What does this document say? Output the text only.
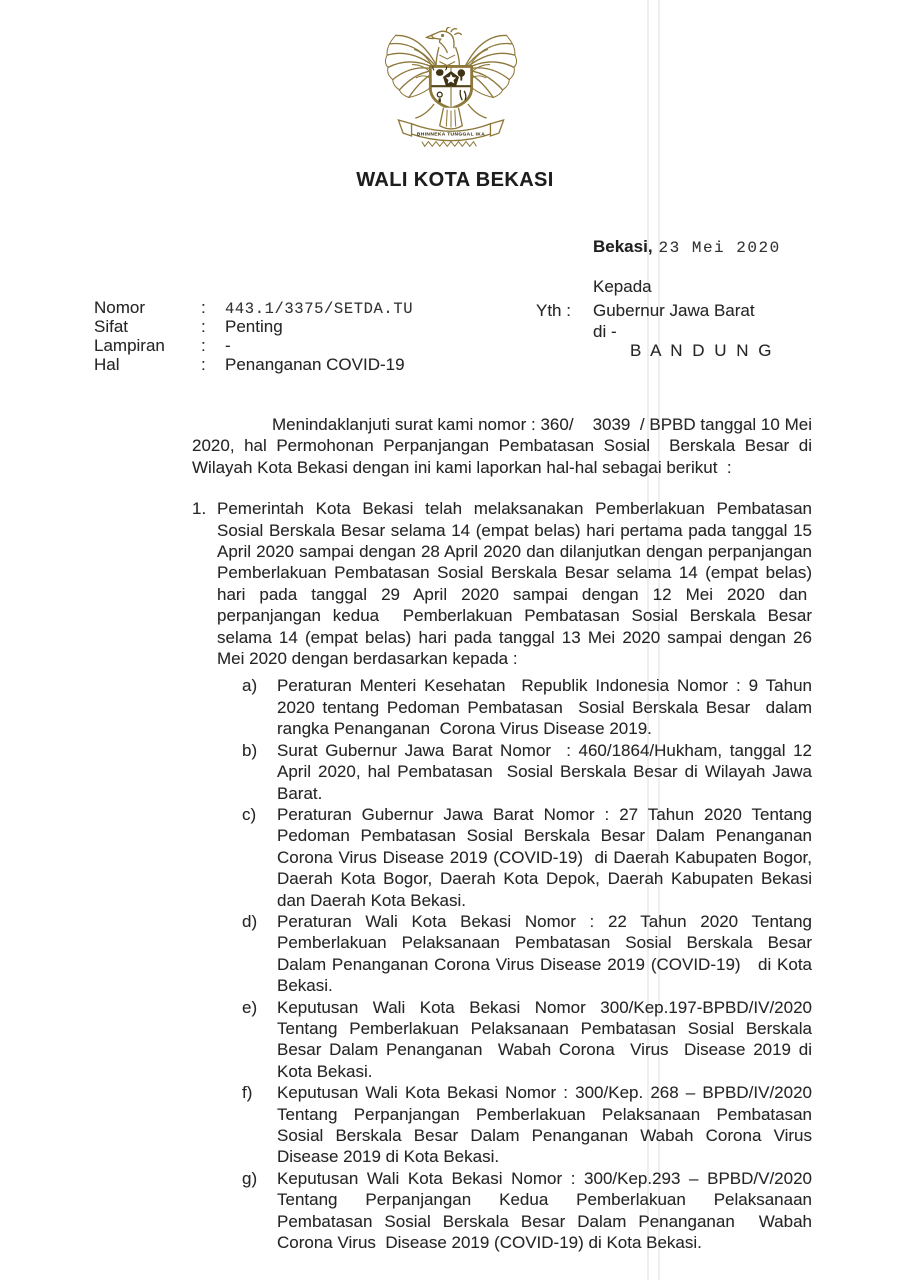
BHINNEKA TUNGGAL IKA
WALI KOTA BEKASI
Bekasi, 23 Mei 2020
Kepada
Yth : Gubernur Jawa Barat
di -
B A N D U N G
Nomor	: 443.1/3375/SETDA.TU
Sifat	: Penting
Lampiran : -
Hal	: Penanganan COVID-19

Menindaklanjuti surat kami nomor : 360/    3039  / BPBD tanggal 10 Mei 2020, hal Permohonan Perpanjangan Pembatasan Sosial  Berskala Besar di Wilayah Kota Bekasi dengan ini kami laporkan hal-hal sebagai berikut  :

1. Pemerintah Kota Bekasi telah melaksanakan Pemberlakuan Pembatasan Sosial Berskala Besar selama 14 (empat belas) hari pertama pada tanggal 15 April 2020 sampai dengan 28 April 2020 dan dilanjutkan dengan perpanjangan Pemberlakuan Pembatasan Sosial Berskala Besar selama 14 (empat belas) hari pada tanggal 29 April 2020 sampai dengan 12 Mei 2020 dan  perpanjangan kedua  Pemberlakuan Pembatasan Sosial Berskala Besar selama 14 (empat belas) hari pada tanggal 13 Mei 2020 sampai dengan 26 Mei 2020 dengan berdasarkan kepada :
a)	Peraturan Menteri Kesehatan  Republik Indonesia Nomor : 9 Tahun 2020 tentang Pedoman Pembatasan  Sosial Berskala Besar  dalam rangka Penanganan  Corona Virus Disease 2019.
b)	Surat Gubernur Jawa Barat Nomor  : 460/1864/Hukham, tanggal 12 April 2020, hal Pembatasan  Sosial Berskala Besar di Wilayah Jawa Barat.
c)	Peraturan Gubernur Jawa Barat Nomor : 27 Tahun 2020 Tentang Pedoman Pembatasan Sosial Berskala Besar Dalam Penanganan Corona Virus Disease 2019 (COVID-19)  di Daerah Kabupaten Bogor, Daerah Kota Bogor, Daerah Kota Depok, Daerah Kabupaten Bekasi dan Daerah Kota Bekasi.
d)	Peraturan Wali Kota Bekasi Nomor : 22 Tahun 2020 Tentang Pemberlakuan Pelaksanaan Pembatasan Sosial Berskala Besar Dalam Penanganan Corona Virus Disease 2019 (COVID-19)   di Kota Bekasi.
e)	Keputusan Wali Kota Bekasi Nomor 300/Kep.197-BPBD/IV/2020 Tentang Pemberlakuan Pelaksanaan Pembatasan Sosial Berskala Besar Dalam Penanganan  Wabah Corona  Virus  Disease 2019 di Kota Bekasi.
f)	Keputusan Wali Kota Bekasi Nomor : 300/Kep. 268 – BPBD/IV/2020 Tentang Perpanjangan Pemberlakuan Pelaksanaan Pembatasan Sosial Berskala Besar Dalam Penanganan Wabah Corona Virus Disease 2019 di Kota Bekasi.
g)	Keputusan Wali Kota Bekasi Nomor : 300/Kep.293 – BPBD/V/2020 Tentang Perpanjangan Kedua Pemberlakuan Pelaksanaan Pembatasan Sosial Berskala Besar Dalam Penanganan  Wabah Corona Virus  Disease 2019 (COVID-19) di Kota Bekasi.
